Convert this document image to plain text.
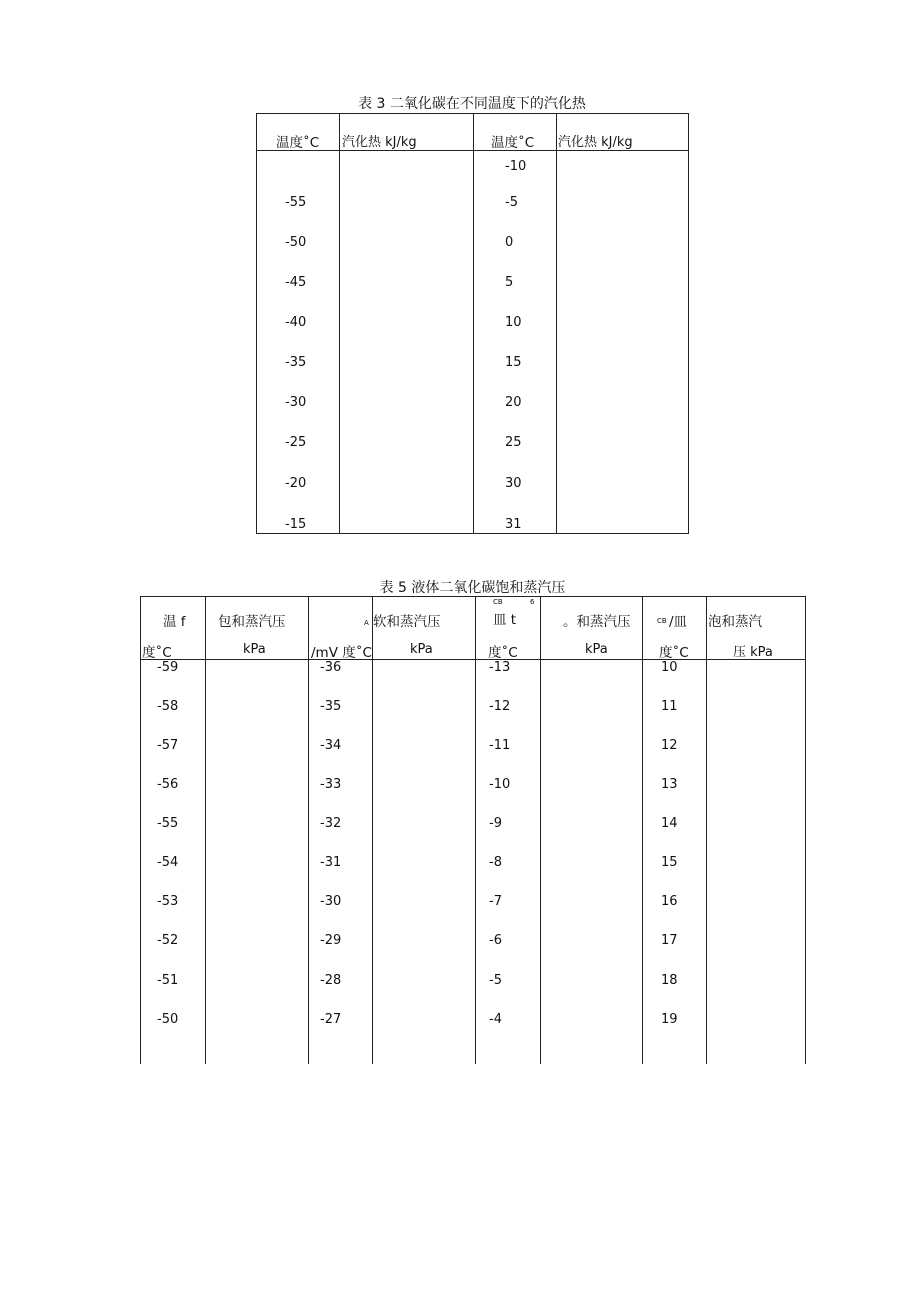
表 3 二氧化碳在不同温度下的汽化热
温度˚C 汽化热 kJ/kg	温度˚C 汽化热 kJ/kg
-55
-50
-45
-40
-35
-30
-25
-20
-15
-10
-5
0
5
10
15
20
25
30
31
表 5 液体二氧化碳饱和蒸汽压
温 f
度˚C
包和蒸汽压
kPa
A
/mV 度˚C
软和蒸汽压
kPa
CB	6
皿 t
度˚C
。和蒸汽压
kPa
CB /皿
度˚C
泡和蒸汽
压 kPa
-59
-58
-57
-56
-55
-54
-53
-52
-51
-50
-36
-35
-34
-33
-32
-31
-30
-29
-28
-27
-13
-12
-11
-10
-9
-8
-7
-6
-5
-4
10
11
12
13
14
15
16
17
18
19
